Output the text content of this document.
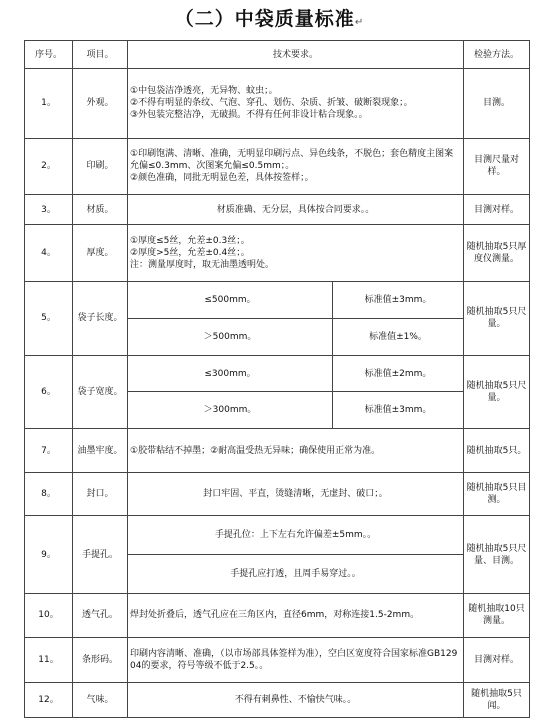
（二）中袋质量标准↵
序号。	项目。	技术要求。		检验方法。
1。	外观。	①中包袋洁净透亮，无异物、蚊虫；。
②不得有明显的条纹、气泡、穿孔、划伤、杂质、折皱、破断裂现象；。
③外包装完整洁净，无破损。不得有任何非设计粘合现象。。		目测。
2。	印刷。	①印刷饱满、清晰、准确，无明显印刷污点、异色线条，不脱色；套色精度主图案允偏≤0.3mm、次图案允偏≤0.5mm；。
②颜色准确，同批无明显色差，具体按签样；。		目测尺量对样。
3。	材质。	材质准确、无分层，具体按合同要求。。		目测对样。
4。	厚度。	①厚度≤5丝，允差±0.3丝；。
②厚度>5丝，允差±0.4丝；。
注：测量厚度时，取无油墨透明处。		随机抽取5只厚度仪测量。
5。	袋子长度。	≤500mm。	标准值±3mm。	随机抽取5只尺量。
		＞500mm。	标准值±1%。	
6。	袋子宽度。	≤300mm。	标准值±2mm。	随机抽取5只尺量。
		＞300mm。	标准值±3mm。	
7。	油墨牢度。	①胶带粘结不掉墨；②耐高温受热无异味；确保使用正常为准。		随机抽取5只。
8。	封口。	封口牢固、平直，烫缝清晰，无虚封、破口；。		随机抽取5只目测。
9。	手提孔。	手提孔位：上下左右允许偏差±5mm。。		随机抽取5只尺量、目测。
		手提孔应打透，且周手易穿过。。		
10。	透气孔。	焊封处折叠后，透气孔应在三角区内，直径6mm，对称连接1.5-2mm。		随机抽取10只测量。
11。	条形码。	印刷内容清晰、准确，（以市场部具体签样为准），空白区宽度符合国家标准GB12904的要求，符号等级不低于2.5。。		目测对样。
12。	气味。	不得有刺鼻性、不愉快气味。。		随机抽取5只闻。
